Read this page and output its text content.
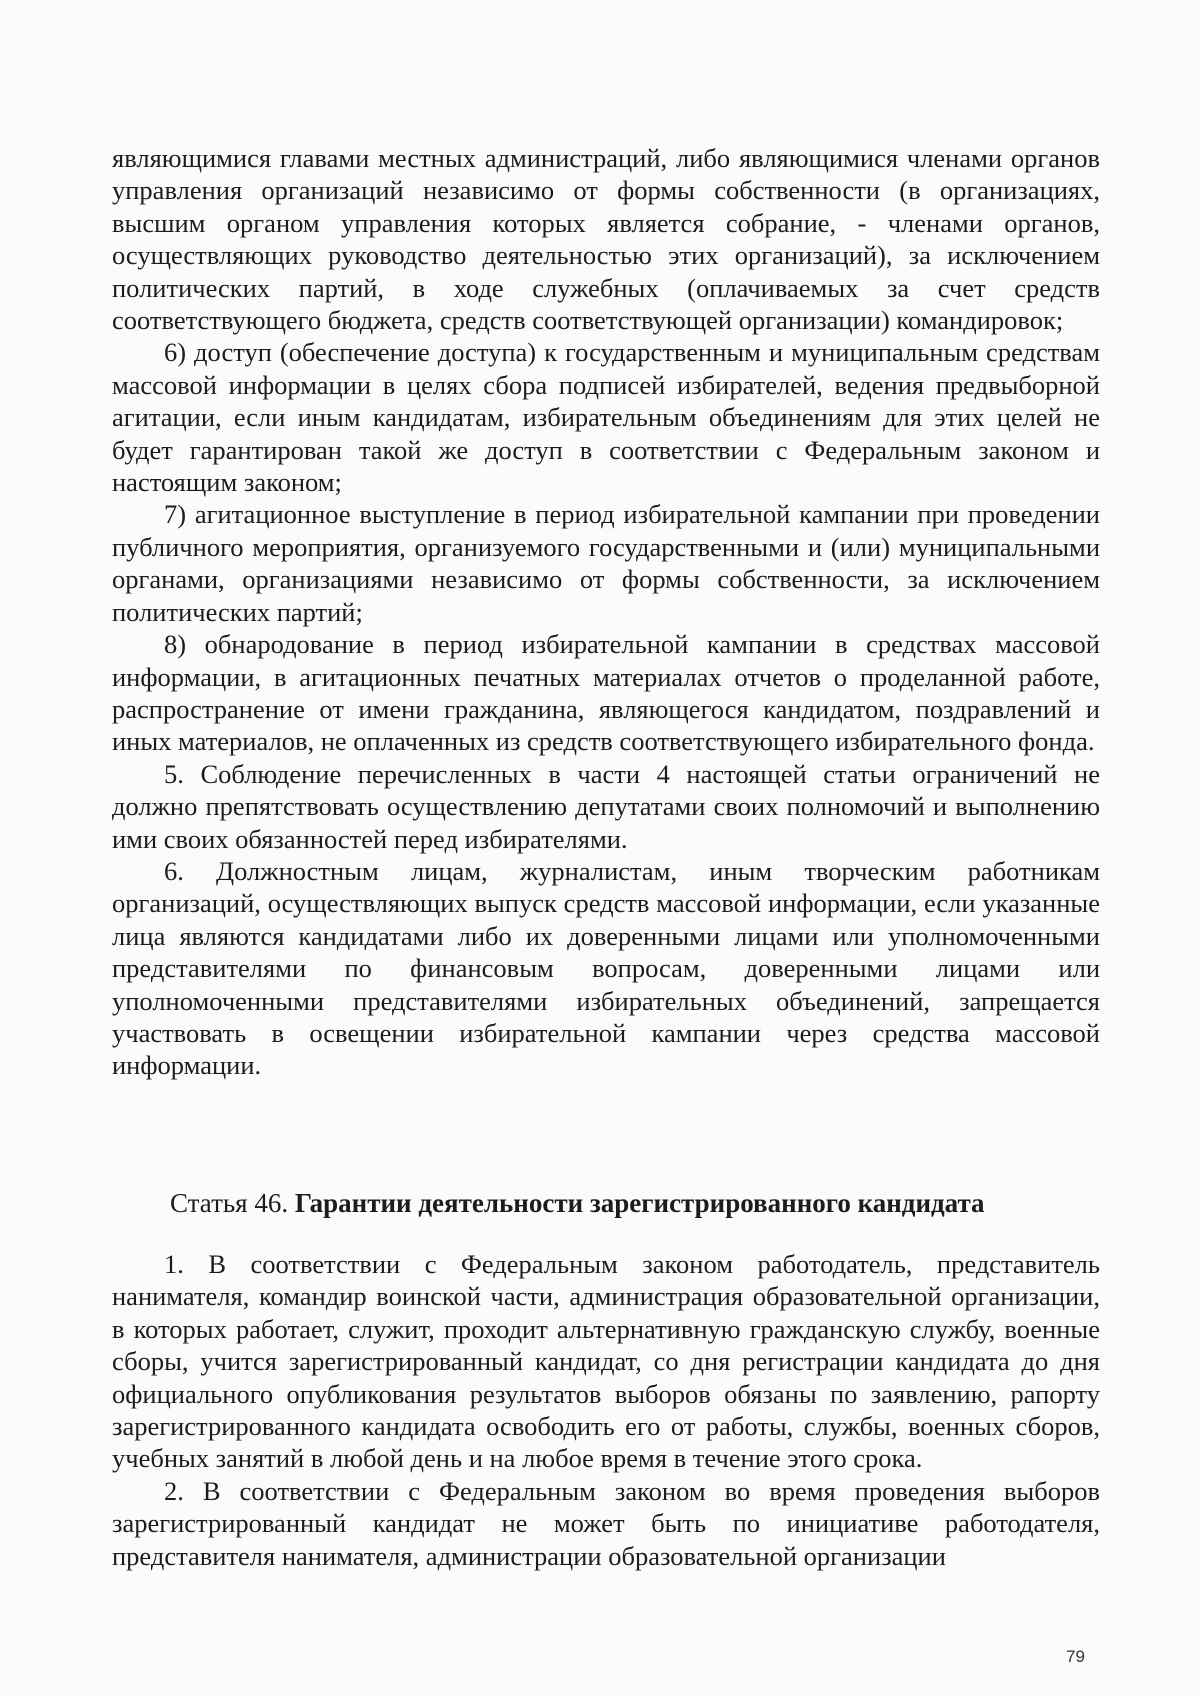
являющимися главами местных администраций, либо являющимися членами органов управления организаций независимо от формы собственности (в организациях, высшим органом управления которых является собрание, - членами органов, осуществляющих руководство деятельностью этих организаций), за исключением политических партий, в ходе служебных (оплачиваемых за счет средств соответствующего бюджета, средств соответствующей организации) командировок;

6) доступ (обеспечение доступа) к государственным и муниципальным средствам массовой информации в целях сбора подписей избирателей, ведения предвыборной агитации, если иным кандидатам, избирательным объединениям для этих целей не будет гарантирован такой же доступ в соответствии с Федеральным законом и настоящим законом;

7) агитационное выступление в период избирательной кампании при проведении публичного мероприятия, организуемого государственными и (или) муниципальными органами, организациями независимо от формы собственности, за исключением политических партий;

8) обнародование в период избирательной кампании в средствах массовой информации, в агитационных печатных материалах отчетов о проделанной работе, распространение от имени гражданина, являющегося кандидатом, поздравлений и иных материалов, не оплаченных из средств соответствующего избирательного фонда.

5. Соблюдение перечисленных в части 4 настоящей статьи ограничений не должно препятствовать осуществлению депутатами своих полномочий и выполнению ими своих обязанностей перед избирателями.

6. Должностным лицам, журналистам, иным творческим работникам организаций, осуществляющих выпуск средств массовой информации, если указанные лица являются кандидатами либо их доверенными лицами или уполномоченными представителями по финансовым вопросам, доверенными лицами или уполномоченными представителями избирательных объединений, запрещается участвовать в освещении избирательной кампании через средства массовой информации.

Статья 46. Гарантии деятельности зарегистрированного кандидата

1. В соответствии с Федеральным законом работодатель, представитель нанимателя, командир воинской части, администрация образовательной организации, в которых работает, служит, проходит альтернативную гражданскую службу, военные сборы, учится зарегистрированный кандидат, со дня регистрации кандидата до дня официального опубликования результатов выборов обязаны по заявлению, рапорту зарегистрированного кандидата освободить его от работы, службы, военных сборов, учебных занятий в любой день и на любое время в течение этого срока.

2. В соответствии с Федеральным законом во время проведения выборов зарегистрированный кандидат не может быть по инициативе работодателя, представителя нанимателя, администрации образовательной организации

79
